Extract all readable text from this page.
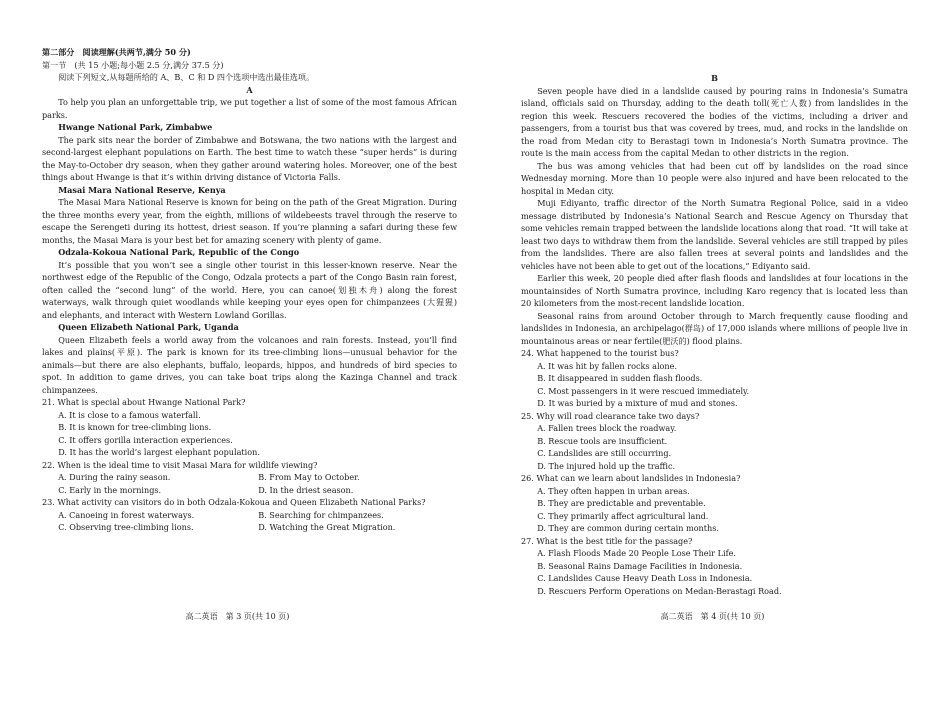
第二部分　阅读理解(共两节,满分 50 分)
第一节　(共 15 小题;每小题 2.5 分,满分 37.5 分)

阅读下列短文,从每题所给的 A、B、C 和 D 四个选项中选出最佳选项。

A

To help you plan an unforgettable trip, we put together a list of some of the most famous African parks.

Hwange National Park, Zimbabwe

The park sits near the border of Zimbabwe and Botswana, the two nations with the largest and second-largest elephant populations on Earth. The best time to watch these “super herds” is during the May-to-October dry season, when they gather around watering holes. Moreover, one of the best things about Hwange is that it’s within driving distance of Victoria Falls.

Masai Mara National Reserve, Kenya

The Masai Mara National Reserve is known for being on the path of the Great Migration. During the three months every year, from the eighth, millions of wildebeests travel through the reserve to escape the Serengeti during its hottest, driest season. If you’re planning a safari during these few months, the Masai Mara is your best bet for amazing scenery with plenty of game.

Odzala-Kokoua National Park, Republic of the Congo

It’s possible that you won’t see a single other tourist in this lesser-known reserve. Near the northwest edge of the Republic of the Congo, Odzala protects a part of the Congo Basin rain forest, often called the “second lung” of the world. Here, you can canoe(划独木舟) along the forest waterways, walk through quiet woodlands while keeping your eyes open for chimpanzees (大猩猩) and elephants, and interact with Western Lowland Gorillas.

Queen Elizabeth National Park, Uganda

Queen Elizabeth feels a world away from the volcanoes and rain forests. Instead, you’ll find lakes and plains(平原). The park is known for its tree-climbing lions—unusual behavior for the animals—but there are also elephants, buffalo, leopards, hippos, and hundreds of bird species to spot. In addition to game drives, you can take boat trips along the Kazinga Channel and track chimpanzees.

21. What is special about Hwange National Park?
A. It is close to a famous waterfall.
B. It is known for tree-climbing lions.
C. It offers gorilla interaction experiences.
D. It has the world’s largest elephant population.
22. When is the ideal time to visit Masai Mara for wildlife viewing?
A. During the rainy season.	B. From May to October.
C. Early in the mornings.	D. In the driest season.
23. What activity can visitors do in both Odzala-Kokoua and Queen Elizabeth National Parks?
A. Canoeing in forest waterways.	B. Searching for chimpanzees.
C. Observing tree-climbing lions.	D. Watching the Great Migration.
高二英语　第 3 页(共 10 页)
B

Seven people have died in a landslide caused by pouring rains in Indonesia’s Sumatra island, officials said on Thursday, adding to the death toll(死亡人数) from landslides in the region this week. Rescuers recovered the bodies of the victims, including a driver and passengers, from a tourist bus that was covered by trees, mud, and rocks in the landslide on the road from Medan city to Berastagi town in Indonesia’s North Sumatra province. The route is the main access from the capital Medan to other districts in the region.

The bus was among vehicles that had been cut off by landslides on the road since Wednesday morning. More than 10 people were also injured and have been relocated to the hospital in Medan city.

Muji Ediyanto, traffic director of the North Sumatra Regional Police, said in a video message distributed by Indonesia’s National Search and Rescue Agency on Thursday that some vehicles remain trapped between the landslide locations along that road. “It will take at least two days to withdraw them from the landslide. Several vehicles are still trapped by piles from the landslides. There are also fallen trees at several points and landslides and the vehicles have not been able to get out of the locations,” Ediyanto said.

Earlier this week, 20 people died after flash floods and landslides at four locations in the mountainsides of North Sumatra province, including Karo regency that is located less than 20 kilometers from the most-recent landslide location.

Seasonal rains from around October through to March frequently cause flooding and landslides in Indonesia, an archipelago(群岛) of 17,000 islands where millions of people live in mountainous areas or near fertile(肥沃的) flood plains.

24. What happened to the tourist bus?
A. It was hit by fallen rocks alone.
B. It disappeared in sudden flash floods.
C. Most passengers in it were rescued immediately.
D. It was buried by a mixture of mud and stones.
25. Why will road clearance take two days?
A. Fallen trees block the roadway.
B. Rescue tools are insufficient.
C. Landslides are still occurring.
D. The injured hold up the traffic.
26. What can we learn about landslides in Indonesia?
A. They often happen in urban areas.
B. They are predictable and preventable.
C. They primarily affect agricultural land.
D. They are common during certain months.
27. What is the best title for the passage?
A. Flash Floods Made 20 People Lose Their Life.
B. Seasonal Rains Damage Facilities in Indonesia.
C. Landslides Cause Heavy Death Loss in Indonesia.
D. Rescuers Perform Operations on Medan-Berastagi Road.
高二英语　第 4 页(共 10 页)
